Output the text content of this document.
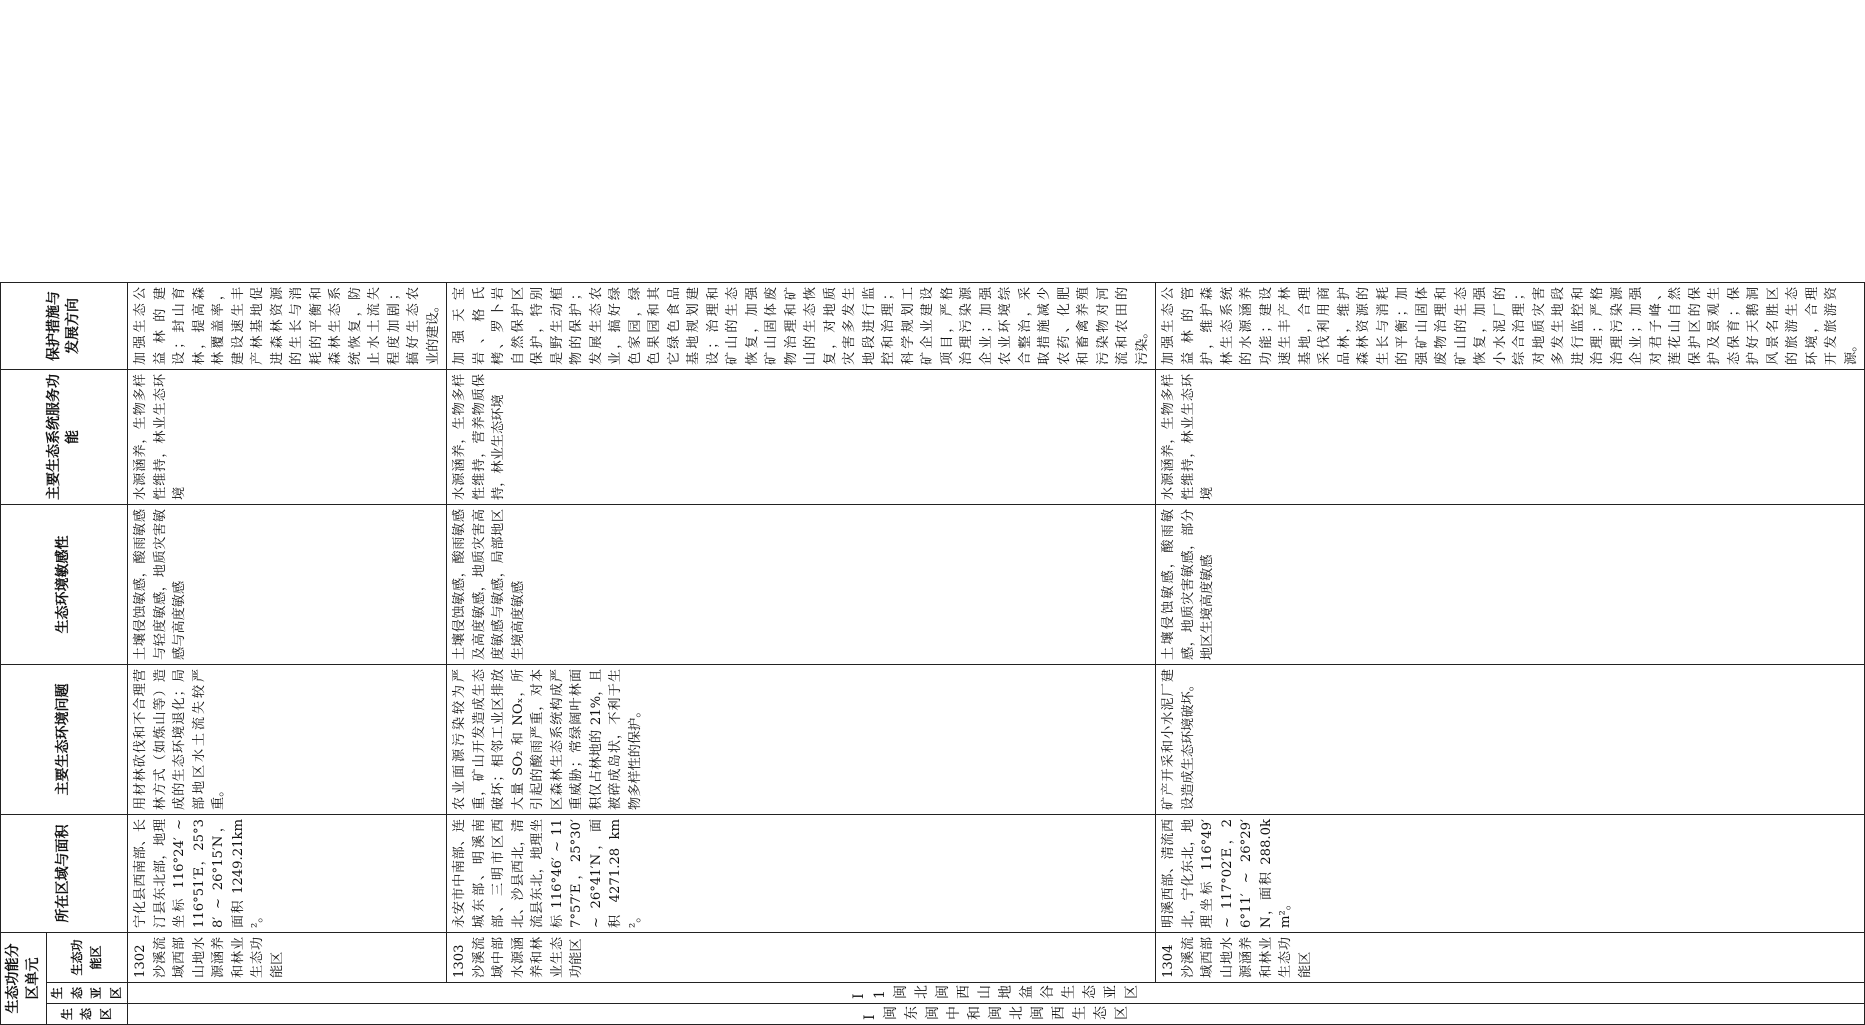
生态功能分区单元			所在区域与面积	主要生态环境问题	生态环境敏感性	主要生态系统服务功能	保护措施与发展方向
生态区	生态亚区	生态功能区					
I 闽东闽中和闽北闽西生态区	I1 闽北闽西山地盆谷生态亚区	1302 沙溪流域西部山地水源涵养和林业生态功能区	宁化县西南部、长汀县东北部，地理坐标 116°24′ ~ 116°51′E，25°38′ ~ 26°15′N，面积 1249.21km²。	用材林砍伐和不合理营林方式（如炼山等）造成的生态环境退化；局部地区水土流失较严重。	土壤侵蚀敏感，酸雨敏感与轻度敏感，地质灾害敏感与高度敏感	水源涵养，生物多样性维持，林业生态环境	加强生态公益林的建设；封山育林，提高森林覆盖率，建设速生丰产林基地促进森林资源的生长与消耗的平衡和森林生态系统恢复，防止水土流失程度加剧；搞好生态农业的建设。
		1303 沙溪流域中部水源涵养和林业生态功能区	永安市中南部、连城东部、明溪南部、三明市区西北、沙县西北，清流县东北，地理坐标 116°46′ ~ 117°57′E，25°30′ ~ 26°41′N，面积 4271.28 km²。	农业面源污染较为严重，矿山开发造成生态破坏；相邻工业区排放大量 SO₂ 和 NOₓ，所引起的酸雨严重，对本区森林生态系统构成严重威胁；常绿阔叶林面积仅占林地的 21%，且被碎成岛状，不利于生物多样性的保护。	土壤侵蚀敏感，酸雨敏感及高度敏感，地质灾害高度敏感与敏感，局部地区生境高度敏感	水源涵养，生物多样性维持，营养物质保持，林业生态环境	加强天宝岩、格氏栲、罗卜岩自然保护区保护，特别是野生动植物的保护；发展生态农业，搞好绿色家园，绿色果园和其它绿色食品基地规划建设；治理和矿山的生态恢复，加强矿山固体废物治理和矿山的生态恢复，对地质灾害多发生地段进行监控和治理；科学规划工矿企业建设项目，严格治理污染源企业；加强农业环境综合整治，采取措施减少农药、化肥和畜禽养殖污染物对河流和农田的污染。
		1304 沙溪流域西部山地水源涵养和林业生态功能区	明溪西部、清流西北，宁化东北，地理坐标 116°49′ ~ 117°02′E，26°11′ ~ 26°29′N，面积 288.0km²。	矿产开采和小水泥厂建设造成生态环境破坏。	土壤侵蚀敏感，酸雨敏感，地质灾害敏感，部分地区生境高度敏感	水源涵养，生物多样性维持，林业生态环境	加强生态公益林的管护，维护森林生态系统的水源涵养功能；建设速生丰产林基地，合理采伐利用商品林，维护森林资源的生长与消耗的平衡；加强矿山固体废物治理和矿山的生态恢复，加强小水泥厂的综合治理；对地质灾害多发生地段进行监控和治理；严格治理污染源企业；加强对君子峰、莲花山自然保护区的保护及景观生态保育；保护好天鹅洞风景名胜区的旅游生态环境，合理开发旅游资源。
